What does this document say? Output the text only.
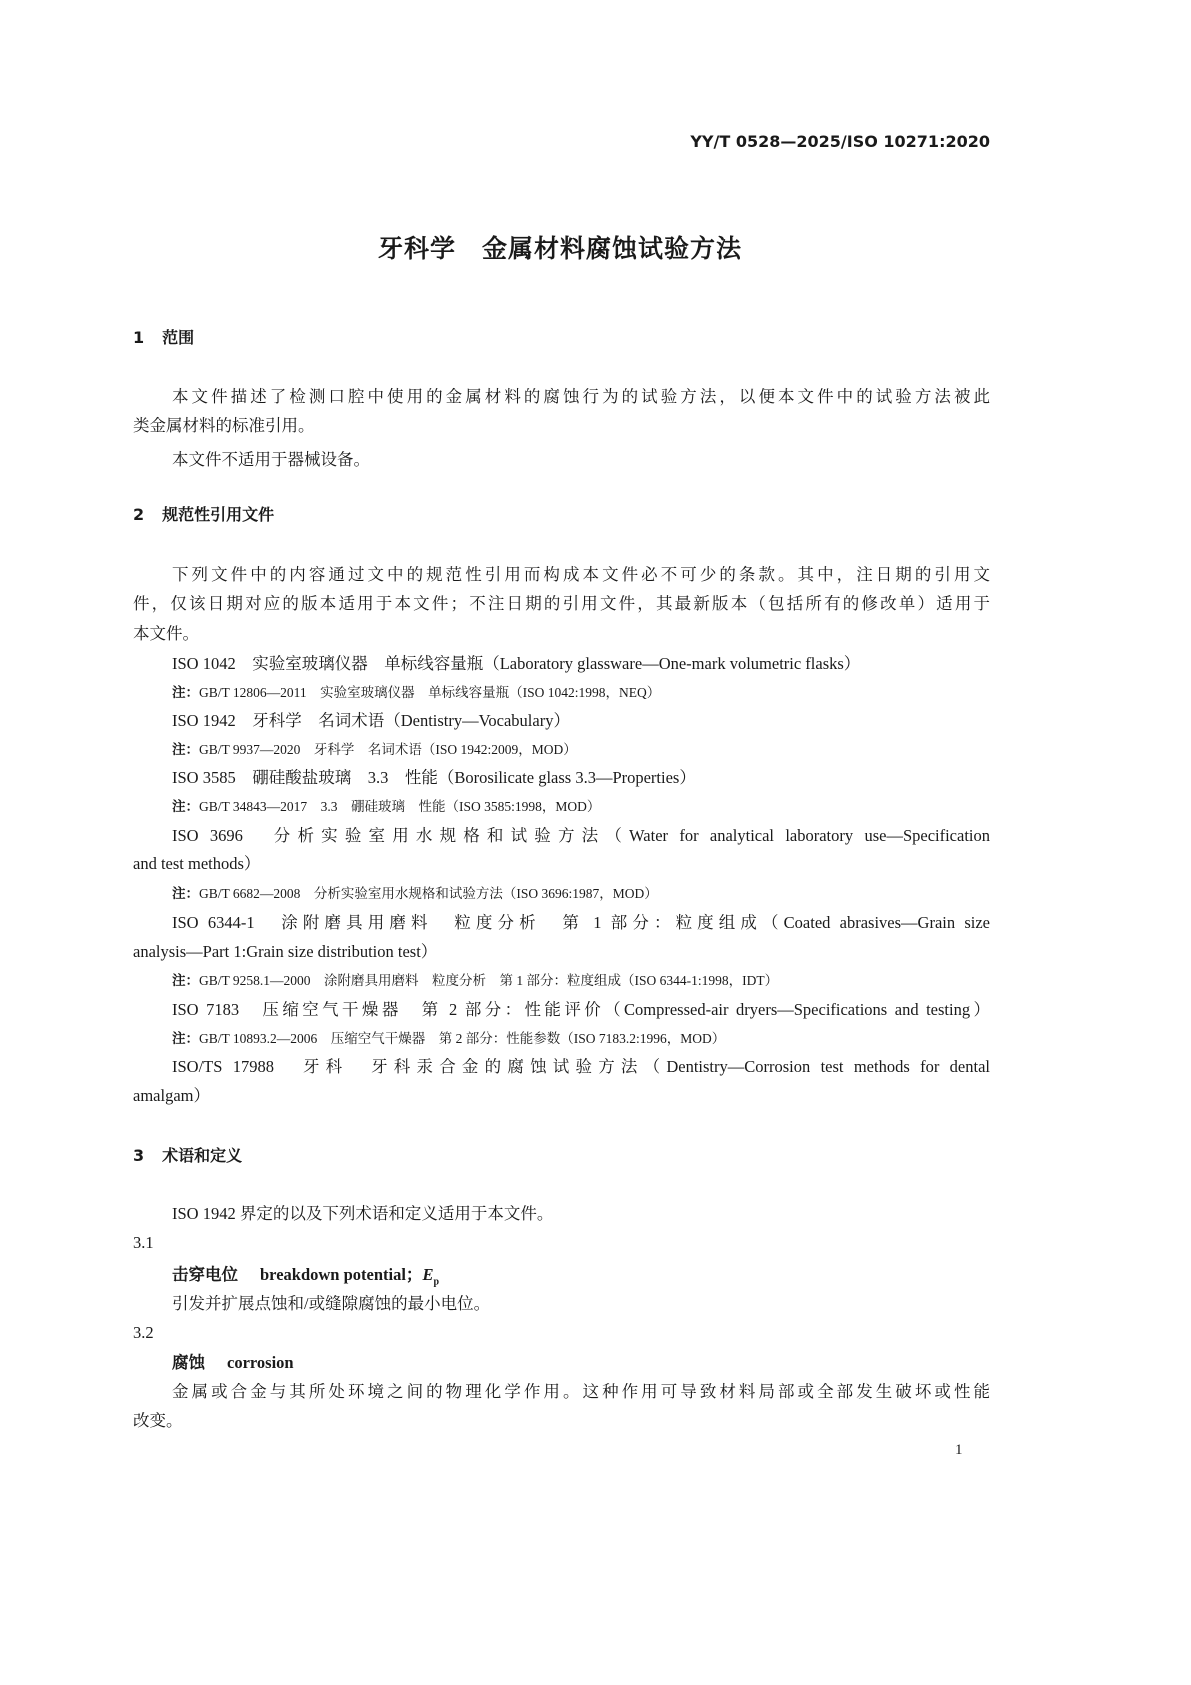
YY/T 0528—2025/ISO 10271:2020
牙科学　金属材料腐蚀试验方法
1 范围
本文件描述了检测口腔中使用的金属材料的腐蚀行为的试验方法，以便本文件中的试验方法被此
类金属材料的标准引用。
本文件不适用于器械设备。
2 规范性引用文件
下列文件中的内容通过文中的规范性引用而构成本文件必不可少的条款。其中，注日期的引用文
件，仅该日期对应的版本适用于本文件；不注日期的引用文件，其最新版本（包括所有的修改单）适用于
本文件。
ISO 1042　实验室玻璃仪器　单标线容量瓶（Laboratory glassware—One-mark volumetric flasks）
注：GB/T 12806—2011　实验室玻璃仪器　单标线容量瓶（ISO 1042:1998，NEQ）
ISO 1942　牙科学　名词术语（Dentistry—Vocabulary）
注：GB/T 9937—2020　牙科学　名词术语（ISO 1942:2009，MOD）
ISO 3585　硼硅酸盐玻璃　3.3　性能（Borosilicate glass 3.3—Properties）
注：GB/T 34843—2017　3.3　硼硅玻璃　性能（ISO 3585:1998，MOD）
ISO 3696　分析实验室用水规格和试验方法（Water for analytical laboratory use—Specification
and test methods）
注：GB/T 6682—2008　分析实验室用水规格和试验方法（ISO 3696:1987，MOD）
ISO 6344-1　涂附磨具用磨料　粒度分析　第 1 部分：粒度组成（Coated abrasives—Grain size
analysis—Part 1:Grain size distribution test）
注：GB/T 9258.1—2000　涂附磨具用磨料　粒度分析　第 1 部分：粒度组成（ISO 6344-1:1998，IDT）
ISO 7183　压缩空气干燥器　第 2 部分：性能评价（Compressed-air dryers—Specifications and testing）
注：GB/T 10893.2—2006　压缩空气干燥器　第 2 部分：性能参数（ISO 7183.2:1996，MOD）
ISO/TS 17988　牙科　牙科汞合金的腐蚀试验方法（Dentistry—Corrosion test methods for dental
amalgam）
3 术语和定义
ISO 1942 界定的以及下列术语和定义适用于本文件。
3.1
击穿电位 breakdown potential；$E_p$
引发并扩展点蚀和/或缝隙腐蚀的最小电位。
3.2
腐蚀 corrosion
金属或合金与其所处环境之间的物理化学作用。这种作用可导致材料局部或全部发生破坏或性能
改变。
1
